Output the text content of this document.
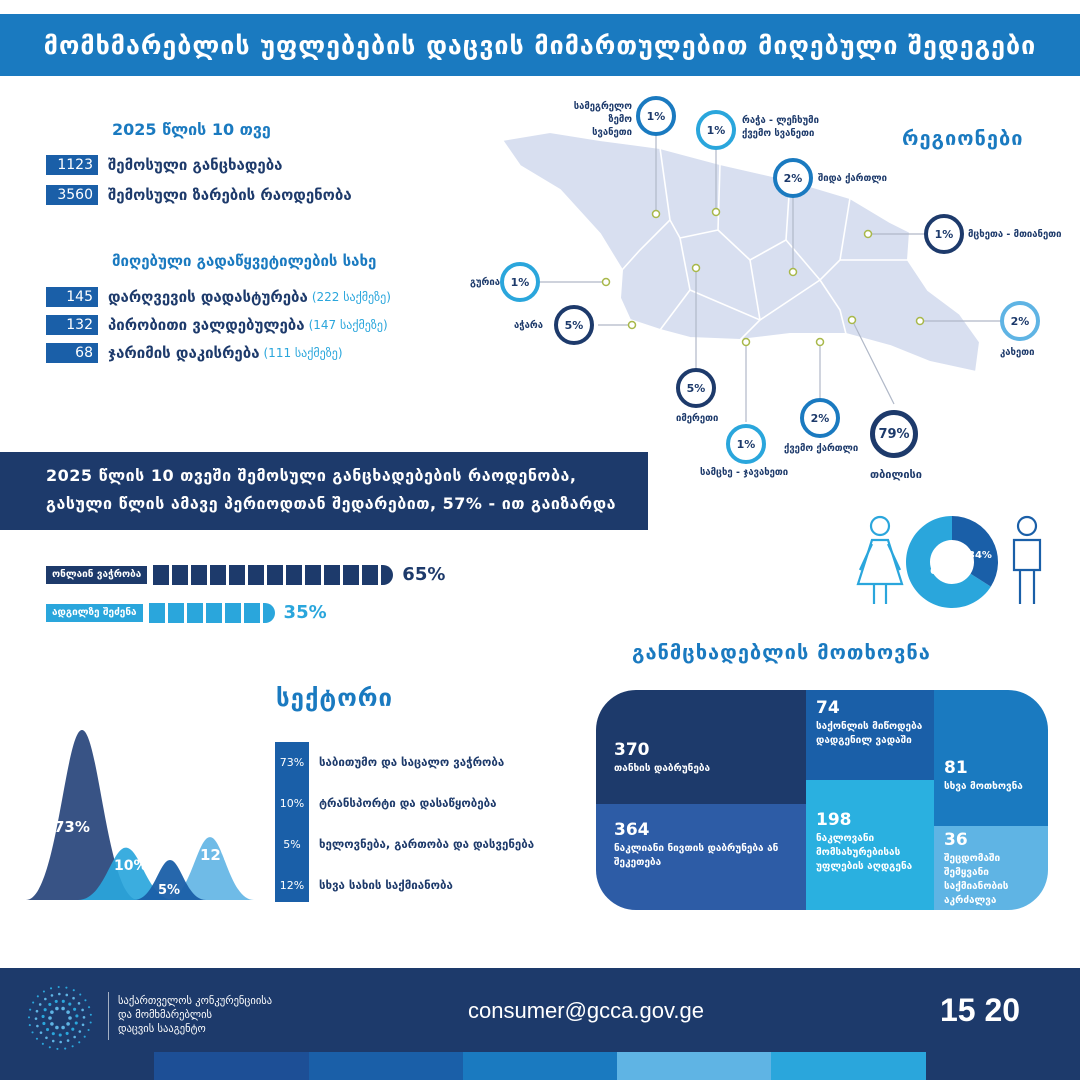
მომხმარებლის უფლებების დაცვის მიმართულებით მიღებული შედეგები
2025 წლის 10 თვე
1123	შემოსული განცხადება
3560	შემოსული ზარების რაოდენობა
მიღებული გადაწყვეტილების სახე
145	დარღვევის დადასტურება (222 საქმეზე)
132	პირობითი ვალდებულება (147 საქმეზე)
68	ჯარიმის დაკისრება (111 საქმეზე)
რეგიონები
1%
სამეგრელო ზემო სვანეთი	1%
რაჭა - ლეჩხუმი ქვემო სვანეთი
2%	შიდა ქართლი
1%	მცხეთა - მთიანეთი
1%
გურია
5%
აჭარა	2%
კახეთი
5%
იმერეთი
1%
სამცხე - ჯავახეთი
2%
ქვემო ქართლი
79%
თბილისი
2025 წლის 10 თვეში შემოსული განცხადებების რაოდენობა,
გასული წლის ამავე პერიოდთან შედარებით, 57% - ით გაიზარდა
ონლაინ ვაჭრობა	65%
ადგილზე შეძენა	35%
66%
34%
73%
10%
5%
12%
სექტორი
73%	საბითუმო და საცალო ვაჭრობა
10%	ტრანსპორტი და დასაწყობება
5%	ხელოვნება, გართობა და დასვენება
12%	სხვა სახის საქმიანობა
განმცხადებლის მოთხოვნა
370
თანხის დაბრუნება
364
ნაკლიანი ნივთის დაბრუნება ან შეკეთება
74
საქონლის მიწოდება დადგენილ ვადაში
198
ნაკლოვანი მომსახურებისას უფლების აღდგენა
81
სხვა მოთხოვნა
36
შეცდომაში შემყვანი საქმიანობის აკრძალვა
საქართველოს კონკურენციისა
და მომხმარებლის
დაცვის სააგენტო
consumer@gcca.gov.ge	15 20
